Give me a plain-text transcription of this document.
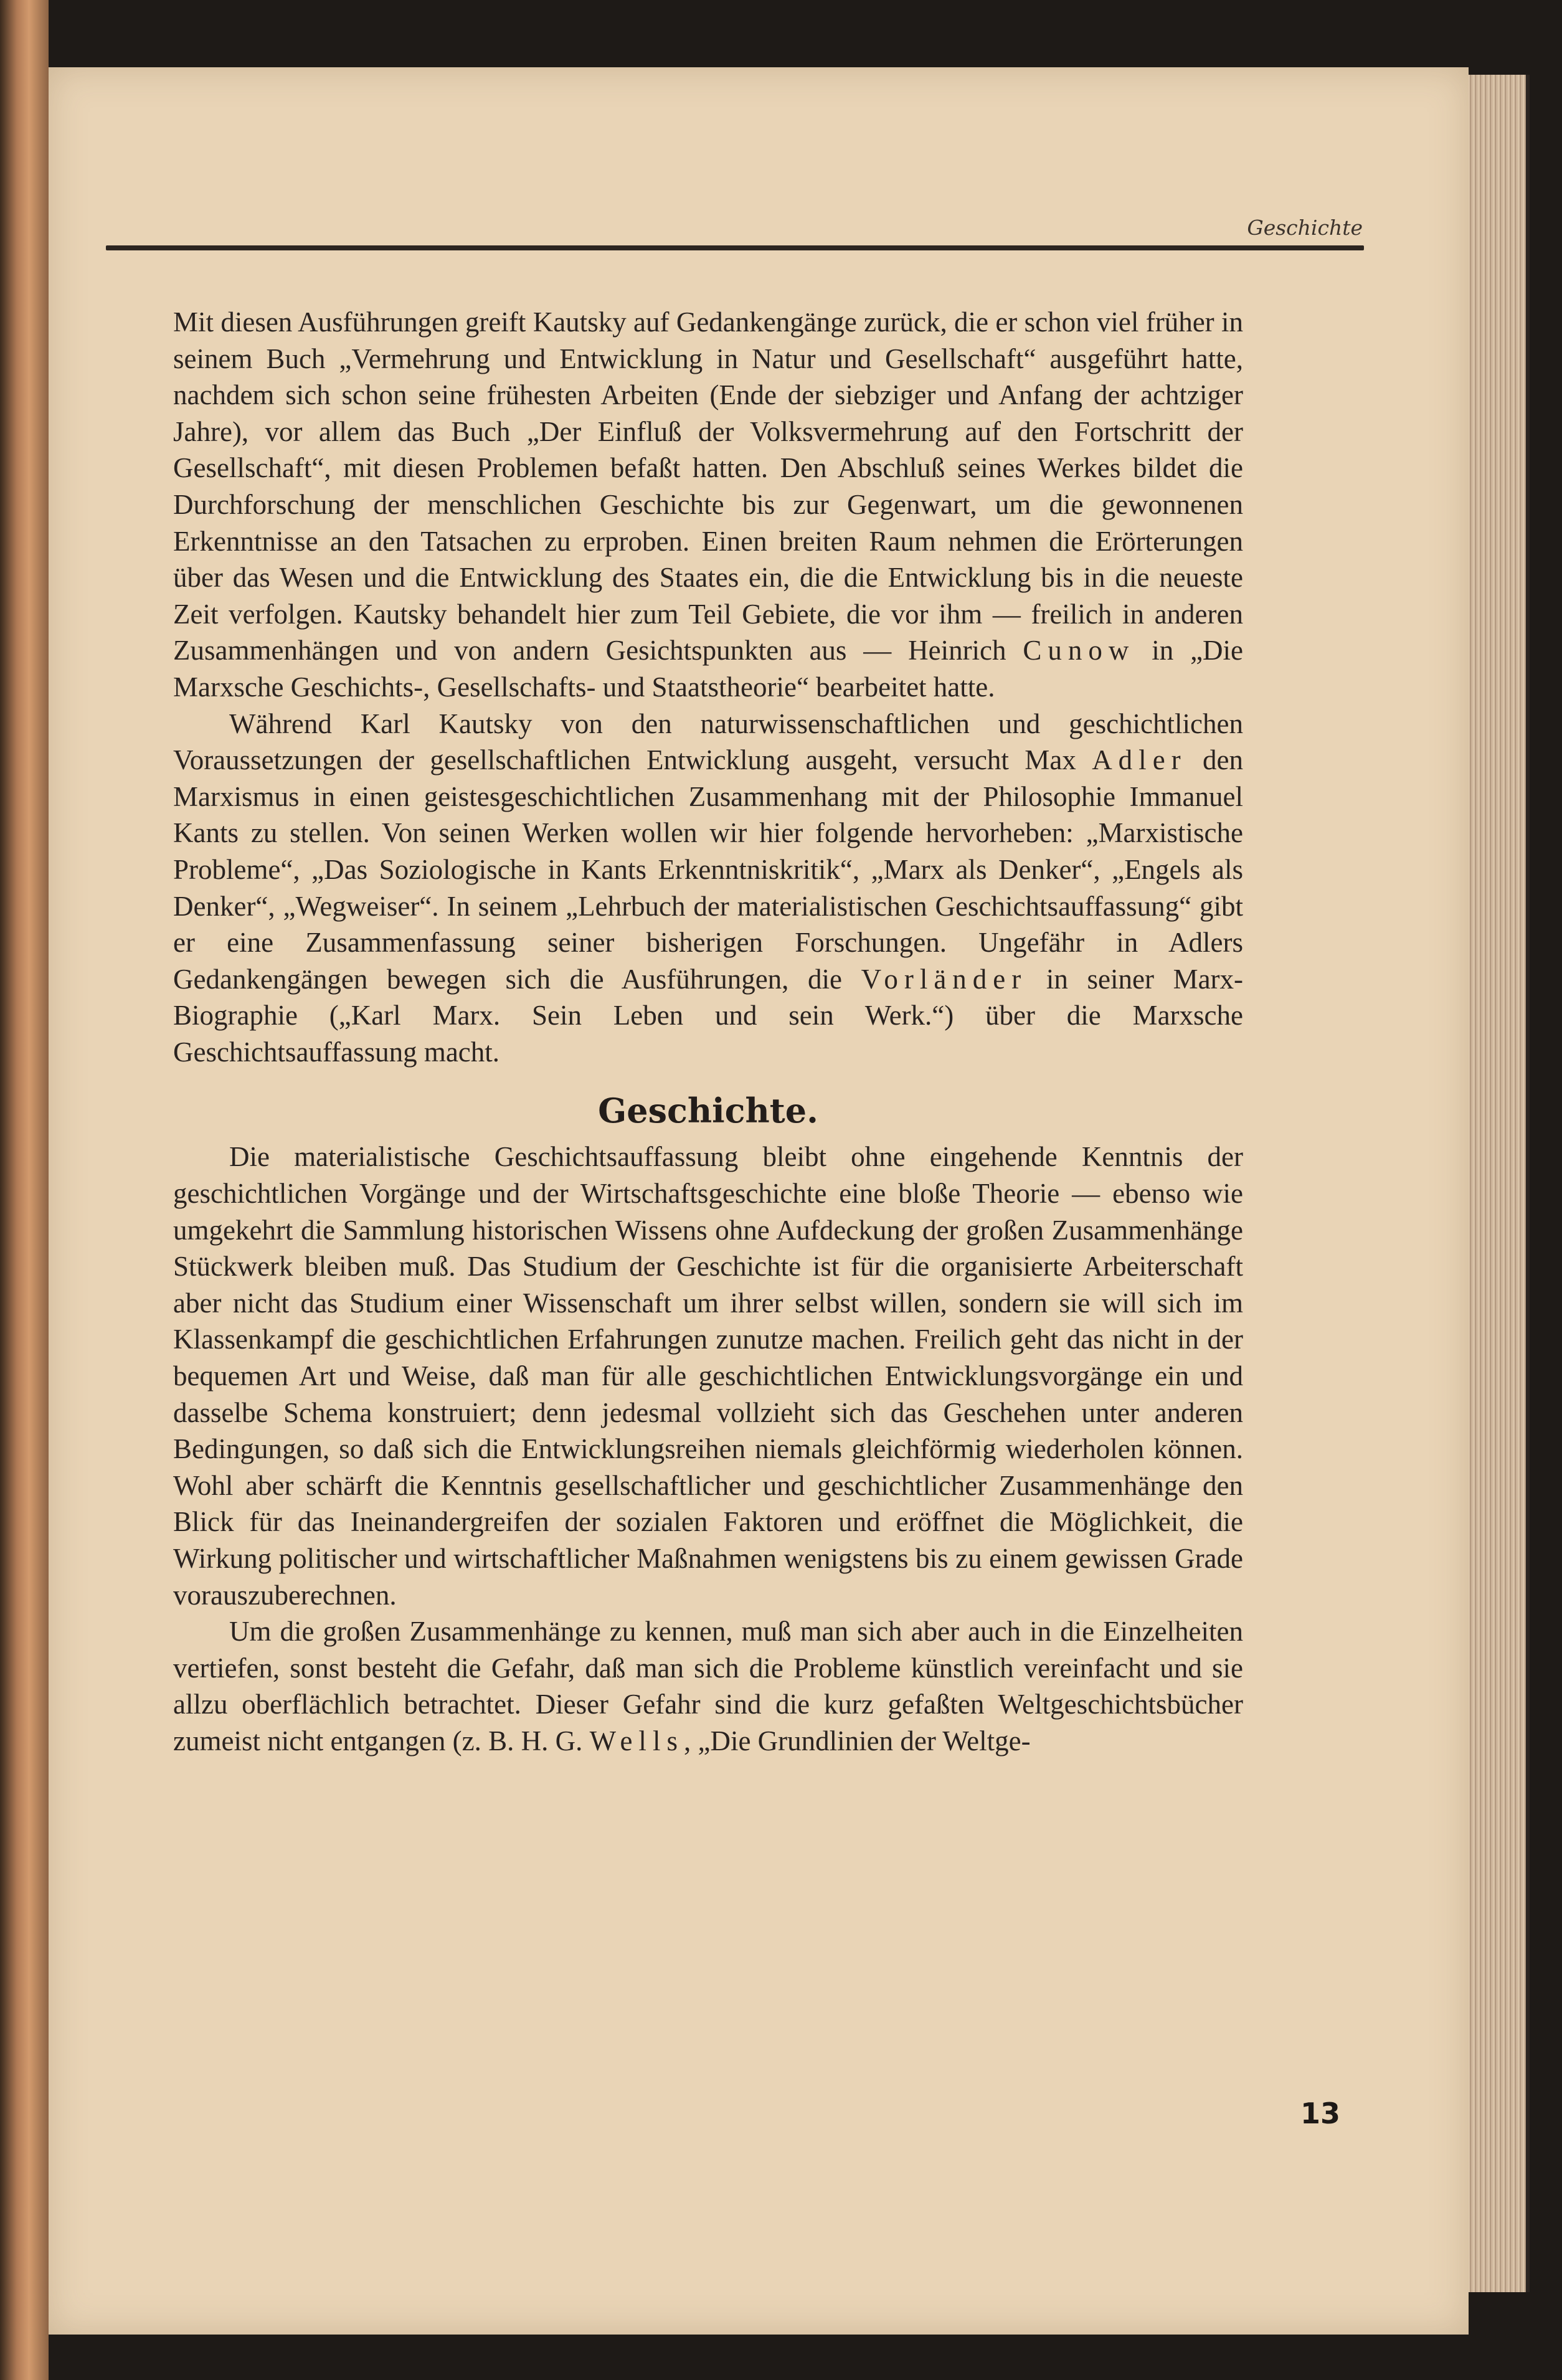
Geschichte

Mit diesen Ausführungen greift Kautsky auf Gedankengänge zurück, die er schon viel früher in seinem Buch „Vermehrung und Entwicklung in Natur und Gesellschaft“ ausgeführt hatte, nachdem sich schon seine frühesten Arbeiten (Ende der siebziger und Anfang der achtziger Jahre), vor allem das Buch „Der Einfluß der Volksvermehrung auf den Fortschritt der Gesellschaft“, mit diesen Problemen befaßt hatten. Den Abschluß seines Werkes bildet die Durchforschung der menschlichen Geschichte bis zur Gegenwart, um die gewonnenen Erkenntnisse an den Tatsachen zu erproben. Einen breiten Raum nehmen die Erörterungen über das Wesen und die Entwicklung des Staates ein, die die Entwicklung bis in die neueste Zeit verfolgen. Kautsky behandelt hier zum Teil Gebiete, die vor ihm — freilich in anderen Zusammenhängen und von andern Gesichtspunkten aus — Heinrich Cunow in „Die Marxsche Geschichts-, Gesellschafts- und Staatstheorie“ bearbeitet hatte.

Während Karl Kautsky von den naturwissenschaftlichen und geschichtlichen Voraussetzungen der gesellschaftlichen Entwicklung ausgeht, versucht Max Adler den Marxismus in einen geistesgeschichtlichen Zusammenhang mit der Philosophie Immanuel Kants zu stellen. Von seinen Werken wollen wir hier folgende hervorheben: „Marxistische Probleme“, „Das Soziologische in Kants Erkenntniskritik“, „Marx als Denker“, „Engels als Denker“, „Wegweiser“. In seinem „Lehrbuch der materialistischen Geschichtsauffassung“ gibt er eine Zusammenfassung seiner bisherigen Forschungen. Ungefähr in Adlers Gedankengängen bewegen sich die Ausführungen, die Vorländer in seiner Marx-Biographie („Karl Marx. Sein Leben und sein Werk.“) über die Marxsche Geschichtsauffassung macht.

Geschichte.

Die materialistische Geschichtsauffassung bleibt ohne eingehende Kenntnis der geschichtlichen Vorgänge und der Wirtschaftsgeschichte eine bloße Theorie — ebenso wie umgekehrt die Sammlung historischen Wissens ohne Aufdeckung der großen Zusammenhänge Stückwerk bleiben muß. Das Studium der Geschichte ist für die organisierte Arbeiterschaft aber nicht das Studium einer Wissenschaft um ihrer selbst willen, sondern sie will sich im Klassenkampf die geschichtlichen Erfahrungen zunutze machen. Freilich geht das nicht in der bequemen Art und Weise, daß man für alle geschichtlichen Entwicklungsvorgänge ein und dasselbe Schema konstruiert; denn jedesmal vollzieht sich das Geschehen unter anderen Bedingungen, so daß sich die Entwicklungsreihen niemals gleichförmig wiederholen können. Wohl aber schärft die Kenntnis gesellschaftlicher und geschichtlicher Zusammenhänge den Blick für das Ineinandergreifen der sozialen Faktoren und eröffnet die Möglichkeit, die Wirkung politischer und wirtschaftlicher Maßnahmen wenigstens bis zu einem gewissen Grade vorauszuberechnen.

Um die großen Zusammenhänge zu kennen, muß man sich aber auch in die Einzelheiten vertiefen, sonst besteht die Gefahr, daß man sich die Probleme künstlich vereinfacht und sie allzu oberflächlich betrachtet. Dieser Gefahr sind die kurz gefaßten Weltgeschichtsbücher zumeist nicht entgangen (z. B. H. G. Wells, „Die Grundlinien der Weltge-

13
